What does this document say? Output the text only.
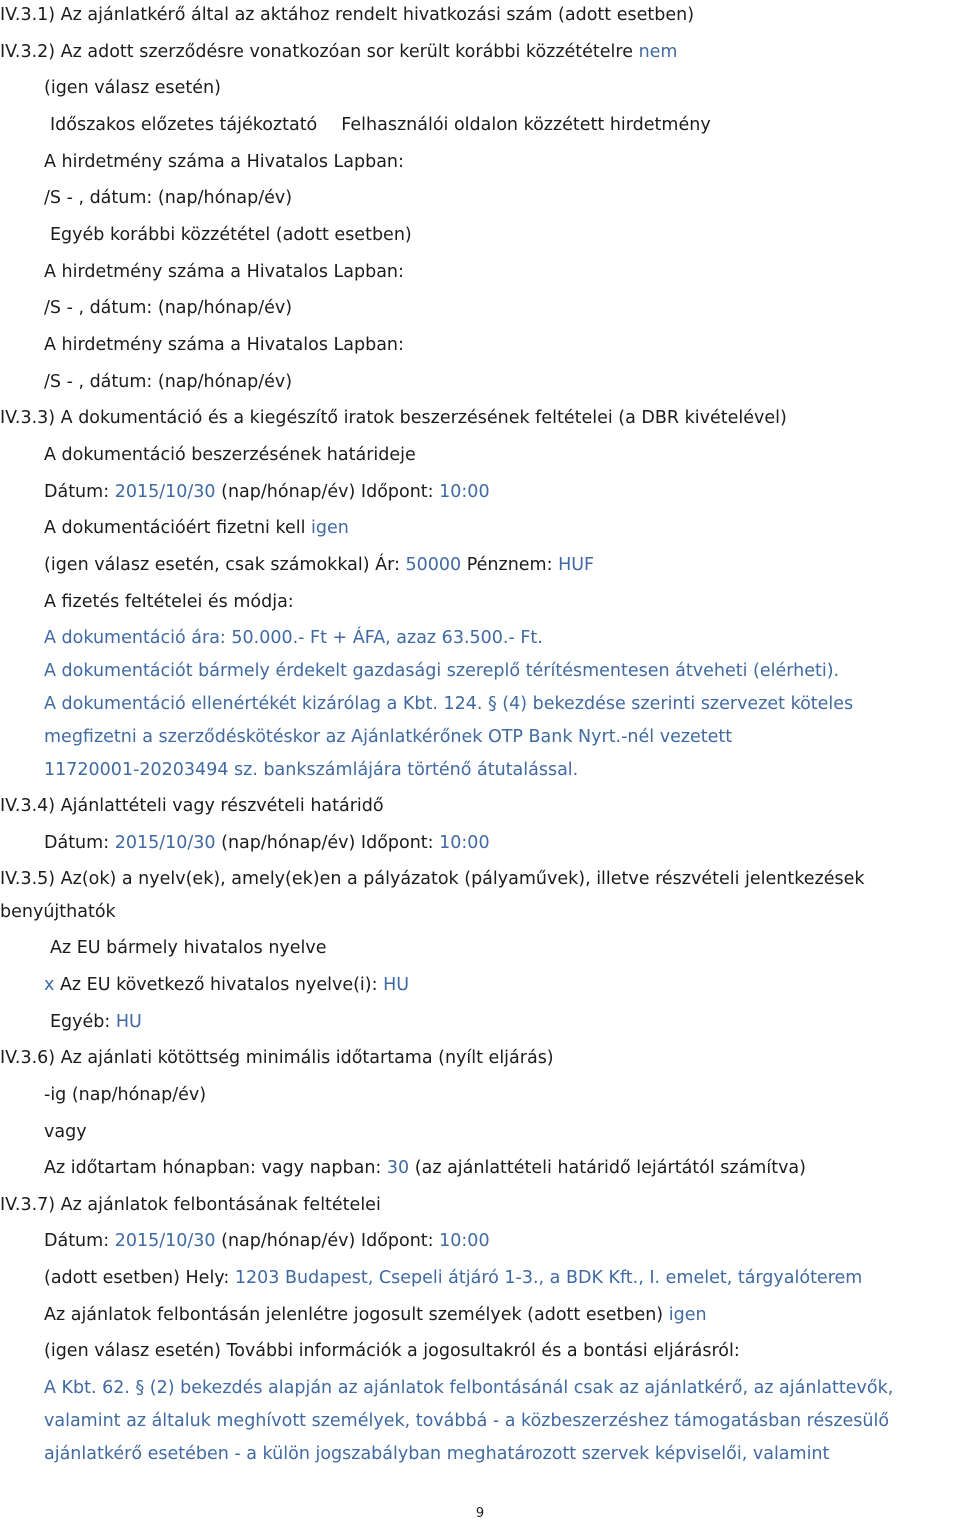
IV.3.1) Az ajánlatkérő által az aktához rendelt hivatkozási szám (adott esetben)
IV.3.2) Az adott szerződésre vonatkozóan sor került korábbi közzétételre nem
(igen válasz esetén)
Időszakos előzetes tájékoztató Felhasználói oldalon közzétett hirdetmény
A hirdetmény száma a Hivatalos Lapban:
/S - , dátum: (nap/hónap/év)
Egyéb korábbi közzététel (adott esetben)
A hirdetmény száma a Hivatalos Lapban:
/S - , dátum: (nap/hónap/év)
A hirdetmény száma a Hivatalos Lapban:
/S - , dátum: (nap/hónap/év)
IV.3.3) A dokumentáció és a kiegészítő iratok beszerzésének feltételei (a DBR kivételével)
A dokumentáció beszerzésének határideje
Dátum: 2015/10/30 (nap/hónap/év) Időpont: 10:00
A dokumentációért fizetni kell igen
(igen válasz esetén, csak számokkal) Ár: 50000 Pénznem: HUF
A fizetés feltételei és módja:
A dokumentáció ára: 50.000.- Ft + ÁFA, azaz 63.500.- Ft.
A dokumentációt bármely érdekelt gazdasági szereplő térítésmentesen átveheti (elérheti).
A dokumentáció ellenértékét kizárólag a Kbt. 124. § (4) bekezdése szerinti szervezet köteles
megfizetni a szerződéskötéskor az Ajánlatkérőnek OTP Bank Nyrt.-nél vezetett
11720001-20203494 sz. bankszámlájára történő átutalással.
IV.3.4) Ajánlattételi vagy részvételi határidő
Dátum: 2015/10/30 (nap/hónap/év) Időpont: 10:00
IV.3.5) Az(ok) a nyelv(ek), amely(ek)en a pályázatok (pályaművek), illetve részvételi jelentkezések
benyújthatók
Az EU bármely hivatalos nyelve
x Az EU következő hivatalos nyelve(i): HU
Egyéb: HU
IV.3.6) Az ajánlati kötöttség minimális időtartama (nyílt eljárás)
-ig (nap/hónap/év)
vagy
Az időtartam hónapban: vagy napban: 30 (az ajánlattételi határidő lejártától számítva)
IV.3.7) Az ajánlatok felbontásának feltételei
Dátum: 2015/10/30 (nap/hónap/év) Időpont: 10:00
(adott esetben) Hely: 1203 Budapest, Csepeli átjáró 1-3., a BDK Kft., I. emelet, tárgyalóterem
Az ajánlatok felbontásán jelenlétre jogosult személyek (adott esetben) igen
(igen válasz esetén) További információk a jogosultakról és a bontási eljárásról:
A Kbt. 62. § (2) bekezdés alapján az ajánlatok felbontásánál csak az ajánlatkérő, az ajánlattevők,
valamint az általuk meghívott személyek, továbbá - a közbeszerzéshez támogatásban részesülő
ajánlatkérő esetében - a külön jogszabályban meghatározott szervek képviselői, valamint
9
